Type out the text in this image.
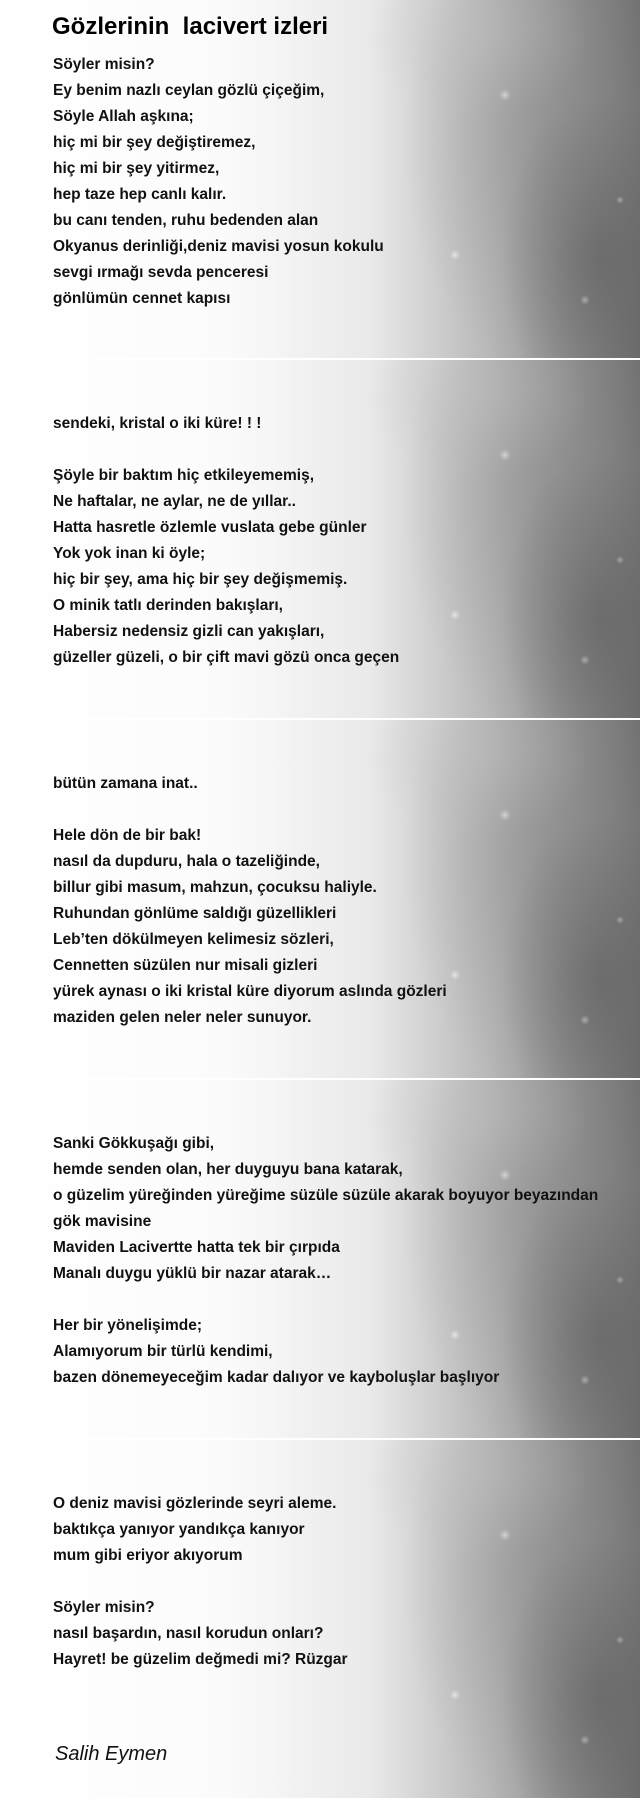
Gözlerinin  lacivert izleri
Söyler misin?
Ey benim nazlı ceylan gözlü çiçeğim,
Söyle Allah aşkına;
hiç mi bir şey değiştiremez,
hiç mi bir şey yitirmez,
hep taze hep canlı kalır.
bu canı tenden, ruhu bedenden alan
Okyanus derinliği,deniz mavisi yosun kokulu
sevgi ırmağı sevda penceresi
gönlümün cennet kapısı
sendeki, kristal o iki küre! ! !
Şöyle bir baktım hiç etkileyememiş,
Ne haftalar, ne aylar, ne de yıllar..
Hatta hasretle özlemle vuslata gebe günler
Yok yok inan ki öyle;
hiç bir şey, ama hiç bir şey değişmemiş.
O minik tatlı derinden bakışları,
Habersiz nedensiz gizli can yakışları,
güzeller güzeli, o bir çift mavi gözü onca geçen
bütün zamana inat..
Hele dön de bir bak!
nasıl da dupduru, hala o tazeliğinde,
billur gibi masum, mahzun, çocuksu haliyle.
Ruhundan gönlüme saldığı güzellikleri
Leb’ten dökülmeyen kelimesiz sözleri,
Cennetten süzülen nur misali gizleri
yürek aynası o iki kristal küre diyorum aslında gözleri
maziden gelen neler neler sunuyor.
Sanki Gökkuşağı gibi,
hemde senden olan, her duyguyu bana katarak,
o güzelim yüreğinden yüreğime süzüle süzüle akarak boyuyor beyazından
gök mavisine
Maviden Lacivertte hatta tek bir çırpıda
Manalı duygu yüklü bir nazar atarak…
Her bir yönelişimde;
Alamıyorum bir türlü kendimi,
bazen dönemeyeceğim kadar dalıyor ve kayboluşlar başlıyor
O deniz mavisi gözlerinde seyri aleme.
baktıkça yanıyor yandıkça kanıyor
mum gibi eriyor akıyorum
Söyler misin?
nasıl başardın, nasıl korudun onları?
Hayret! be güzelim değmedi mi? Rüzgar
Salih Eymen
